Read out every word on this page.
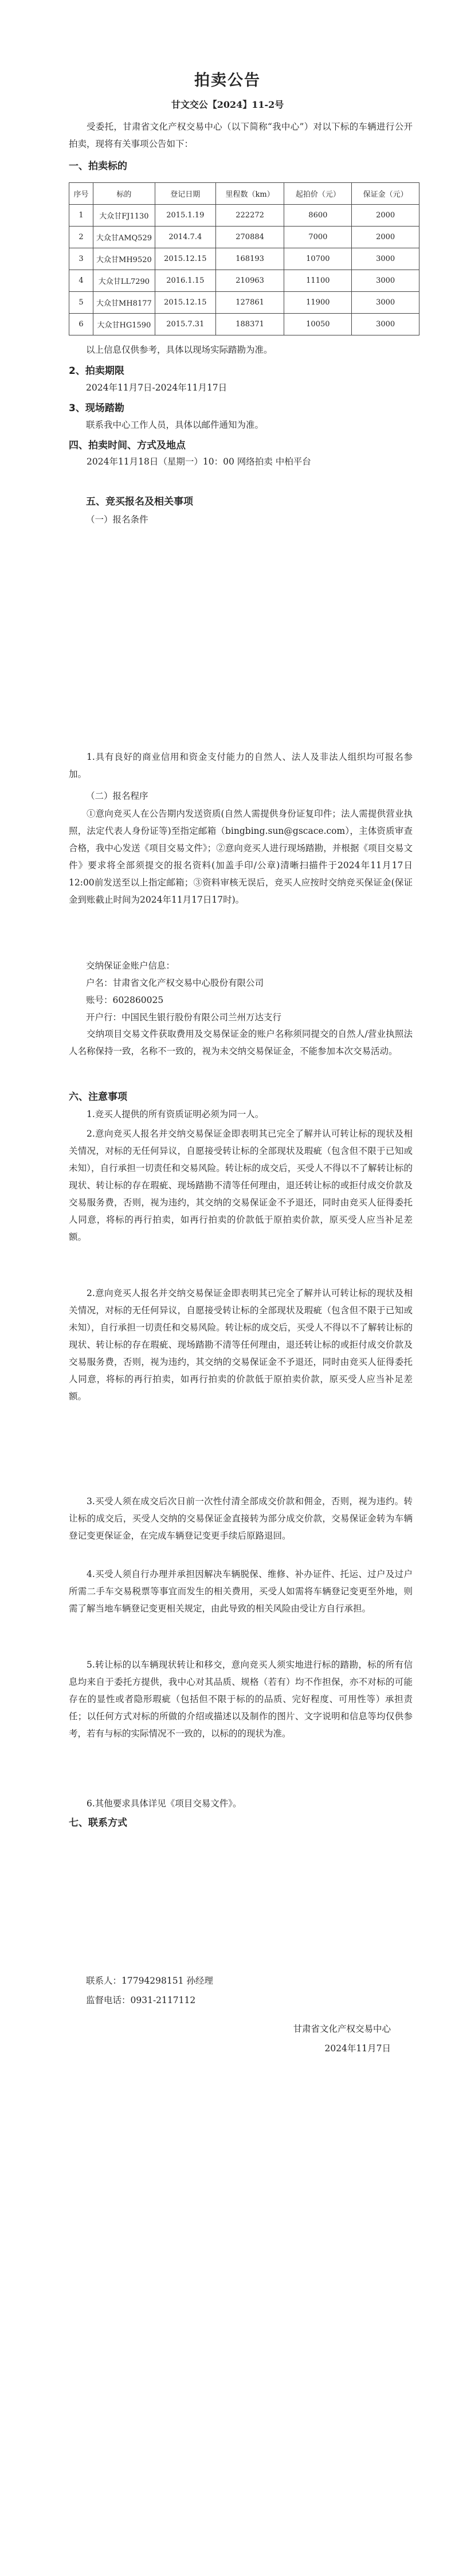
拍卖公告
甘文交公【2024】11-2号
受委托，甘肃省文化产权交易中心（以下简称“我中心”）对以下标的车辆进行公开拍卖，现将有关事项公告如下：
一、拍卖标的
序号	标的	登记日期	里程数（km）	起拍价（元）	保证金（元）
1	大众甘FJ1130	2015.1.19	222272	8600	2000
2	大众甘AMQ529	2014.7.4	270884	7000	2000
3	大众甘MH9520	2015.12.15	168193	10700	3000
4	大众甘LL7290	2016.1.15	210963	11100	3000
5	大众甘MH8177	2015.12.15	127861	11900	3000
6	大众甘HG1590	2015.7.31	188371	10050	3000
以上信息仅供参考，具体以现场实际踏勘为准。
2、拍卖期限
2024年11月7日-2024年11月17日
3、现场踏勘
联系我中心工作人员，具体以邮件通知为准。
四、拍卖时间、方式及地点
2024年11月18日（星期一）10：00 网络拍卖 中柏平台
五、竞买报名及相关事项
（一）报名条件
1.具有良好的商业信用和资金支付能力的自然人、法人及非法人组织均可报名参加。
（二）报名程序
①意向竞买人在公告期内发送资质(自然人需提供身份证复印件；法人需提供营业执照，法定代表人身份证等)至指定邮箱（bingbing.sun@gscace.com），主体资质审查合格，我中心发送《项目交易文件》；②意向竞买人进行现场踏勘，并根据《项目交易文件》要求将全部须提交的报名资料(加盖手印/公章)清晰扫描件于2024年11月17日12:00前发送至以上指定邮箱；③资料审核无误后，竞买人应按时交纳竞买保证金(保证金到账截止时间为2024年11月17日17时)。
交纳保证金账户信息：
户名：甘肃省文化产权交易中心股份有限公司
账号：602860025
开户行：中国民生银行股份有限公司兰州万达支行
交纳项目交易文件获取费用及交易保证金的账户名称须同提交的自然人/营业执照法人名称保持一致，名称不一致的，视为未交纳交易保证金，不能参加本次交易活动。
六、注意事项
1.竞买人提供的所有资质证明必须为同一人。
2.意向竞买人报名并交纳交易保证金即表明其已完全了解并认可转让标的现状及相关情况，对标的无任何异议，自愿接受转让标的全部现状及瑕疵（包含但不限于已知或未知），自行承担一切责任和交易风险。转让标的成交后，买受人不得以不了解转让标的现状、转让标的存在瑕疵、现场踏勘不清等任何理由，退还转让标的或拒付成交价款及交易服务费，否则，视为违约，其交纳的交易保证金不予退还，同时由竞买人征得委托人同意，将标的再行拍卖，如再行拍卖的价款低于原拍卖价款，原买受人应当补足差额。
2.意向竞买人报名并交纳交易保证金即表明其已完全了解并认可转让标的现状及相关情况，对标的无任何异议，自愿接受转让标的全部现状及瑕疵（包含但不限于已知或未知），自行承担一切责任和交易风险。转让标的成交后，买受人不得以不了解转让标的现状、转让标的存在瑕疵、现场踏勘不清等任何理由，退还转让标的或拒付成交价款及交易服务费，否则，视为违约，其交纳的交易保证金不予退还，同时由竞买人征得委托人同意，将标的再行拍卖，如再行拍卖的价款低于原拍卖价款，原买受人应当补足差额。
3.买受人须在成交后次日前一次性付清全部成交价款和佣金，否则，视为违约。转让标的成交后，买受人交纳的交易保证金直接转为部分成交价款，交易保证金转为车辆登记变更保证金，在完成车辆登记变更手续后原路退回。
4.买受人须自行办理并承担因解决车辆脱保、维修、补办证件、托运、过户及过户所需二手车交易税票等事宜而发生的相关费用，买受人如需将车辆登记变更至外地，则需了解当地车辆登记变更相关规定，由此导致的相关风险由受让方自行承担。
5.转让标的以车辆现状转让和移交，意向竞买人须实地进行标的踏勘，标的所有信息均来自于委托方提供，我中心对其品质、规格（若有）均不作担保，亦不对标的可能存在的显性或者隐形瑕疵（包括但不限于标的的品质、完好程度、可用性等）承担责任；以任何方式对标的所做的介绍或描述以及制作的图片、文字说明和信息等均仅供参考，若有与标的实际情况不一致的，以标的的现状为准。
6.其他要求具体详见《项目交易文件》。
七、联系方式
联系人：17794298151 孙经理
监督电话：0931-2117112
甘肃省文化产权交易中心
2024年11月7日
